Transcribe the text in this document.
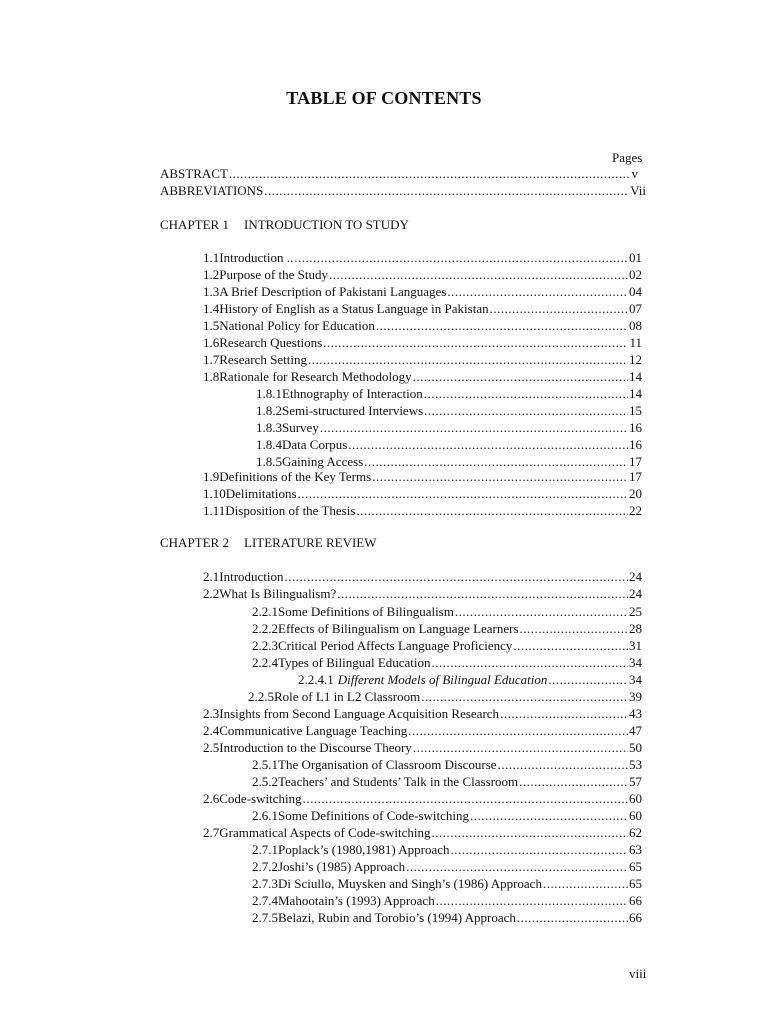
TABLE OF CONTENTS
Pages
ABSTRACT .....	v
ABBREVIATIONS .....	Vii
CHAPTER 1 INTRODUCTION TO STUDY
1.1 Introduction .. .....	01
1.2 Purpose of the Study .....	02
1.3 A Brief Description of Pakistani Languages .....	04
1.4 History of English as a Status Language in Pakistan .....	07
1.5 National Policy for Education .....	08
1.6 Research Questions .....	11
1.7 Research Setting .....	12
1.8 Rationale for Research Methodology .....	14
1.8.1 Ethnography of Interaction .....	14
1.8.2 Semi-structured Interviews .....	15
1.8.3 Survey .....	16
1.8.4 Data Corpus .....	16
1.8.5 Gaining Access .....	17
1.9 Definitions of the Key Terms .....	17
1.10 Delimitations .....	20
1.11 Disposition of the Thesis .....	22
CHAPTER 2 LITERATURE REVIEW
2.1 Introduction .....	24
2.2 What Is Bilingualism? .....	24
2.2.1 Some Definitions of Bilingualism .....	25
2.2.2 Effects of Bilingualism on Language Learners .....	28
2.2.3 Critical Period Affects Language Proficiency .....	31
2.2.4 Types of Bilingual Education .....	34
2.2.4.1 Different Models of Bilingual Education .....	34
2.2.5 Role of L1 in L2 Classroom .....	39
2.3 Insights from Second Language Acquisition Research .....	43
2.4 Communicative Language Teaching .....	47
2.5 Introduction to the Discourse Theory .....	50
2.5.1 The Organisation of Classroom Discourse .....	53
2.5.2 Teachers’ and Students’ Talk in the Classroom .....	57
2.6 Code-switching .....	60
2.6.1 Some Definitions of Code-switching .....	60
2.7 Grammatical Aspects of Code-switching .....	62
2.7.1 Poplack’s (1980,1981) Approach .....	63
2.7.2 Joshi’s (1985) Approach .....	65
2.7.3 Di Sciullo, Muysken and Singh’s (1986) Approach .....	65
2.7.4 Mahootain’s (1993) Approach .....	66
2.7.5 Belazi, Rubin and Torobio’s (1994) Approach .....	66
viii
